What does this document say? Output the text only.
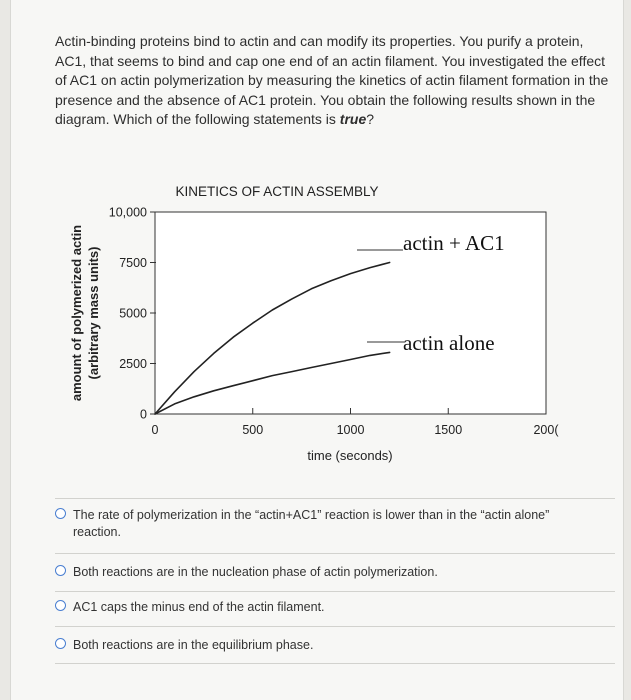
Actin-binding proteins bind to actin and can modify its properties. You purify a protein, AC1, that seems to bind and cap one end of an actin filament. You investigated the effect of AC1 on actin polymerization by measuring the kinetics of actin filament formation in the presence and the absence of AC1 protein. You obtain the following results shown in the diagram. Which of the following statements is true?
KINETICS OF ACTIN ASSEMBLY
amount of polymerized actin (arbitrary mass units)
0	500	1000	1500	200(
0
2500
5000
7500
10,000
actin + AC1
actin alone
time (seconds)
The rate of polymerization in the “actin+AC1” reaction is lower than in the “actin alone” reaction.
Both reactions are in the nucleation phase of actin polymerization.
AC1 caps the minus end of the actin filament.
Both reactions are in the equilibrium phase.
